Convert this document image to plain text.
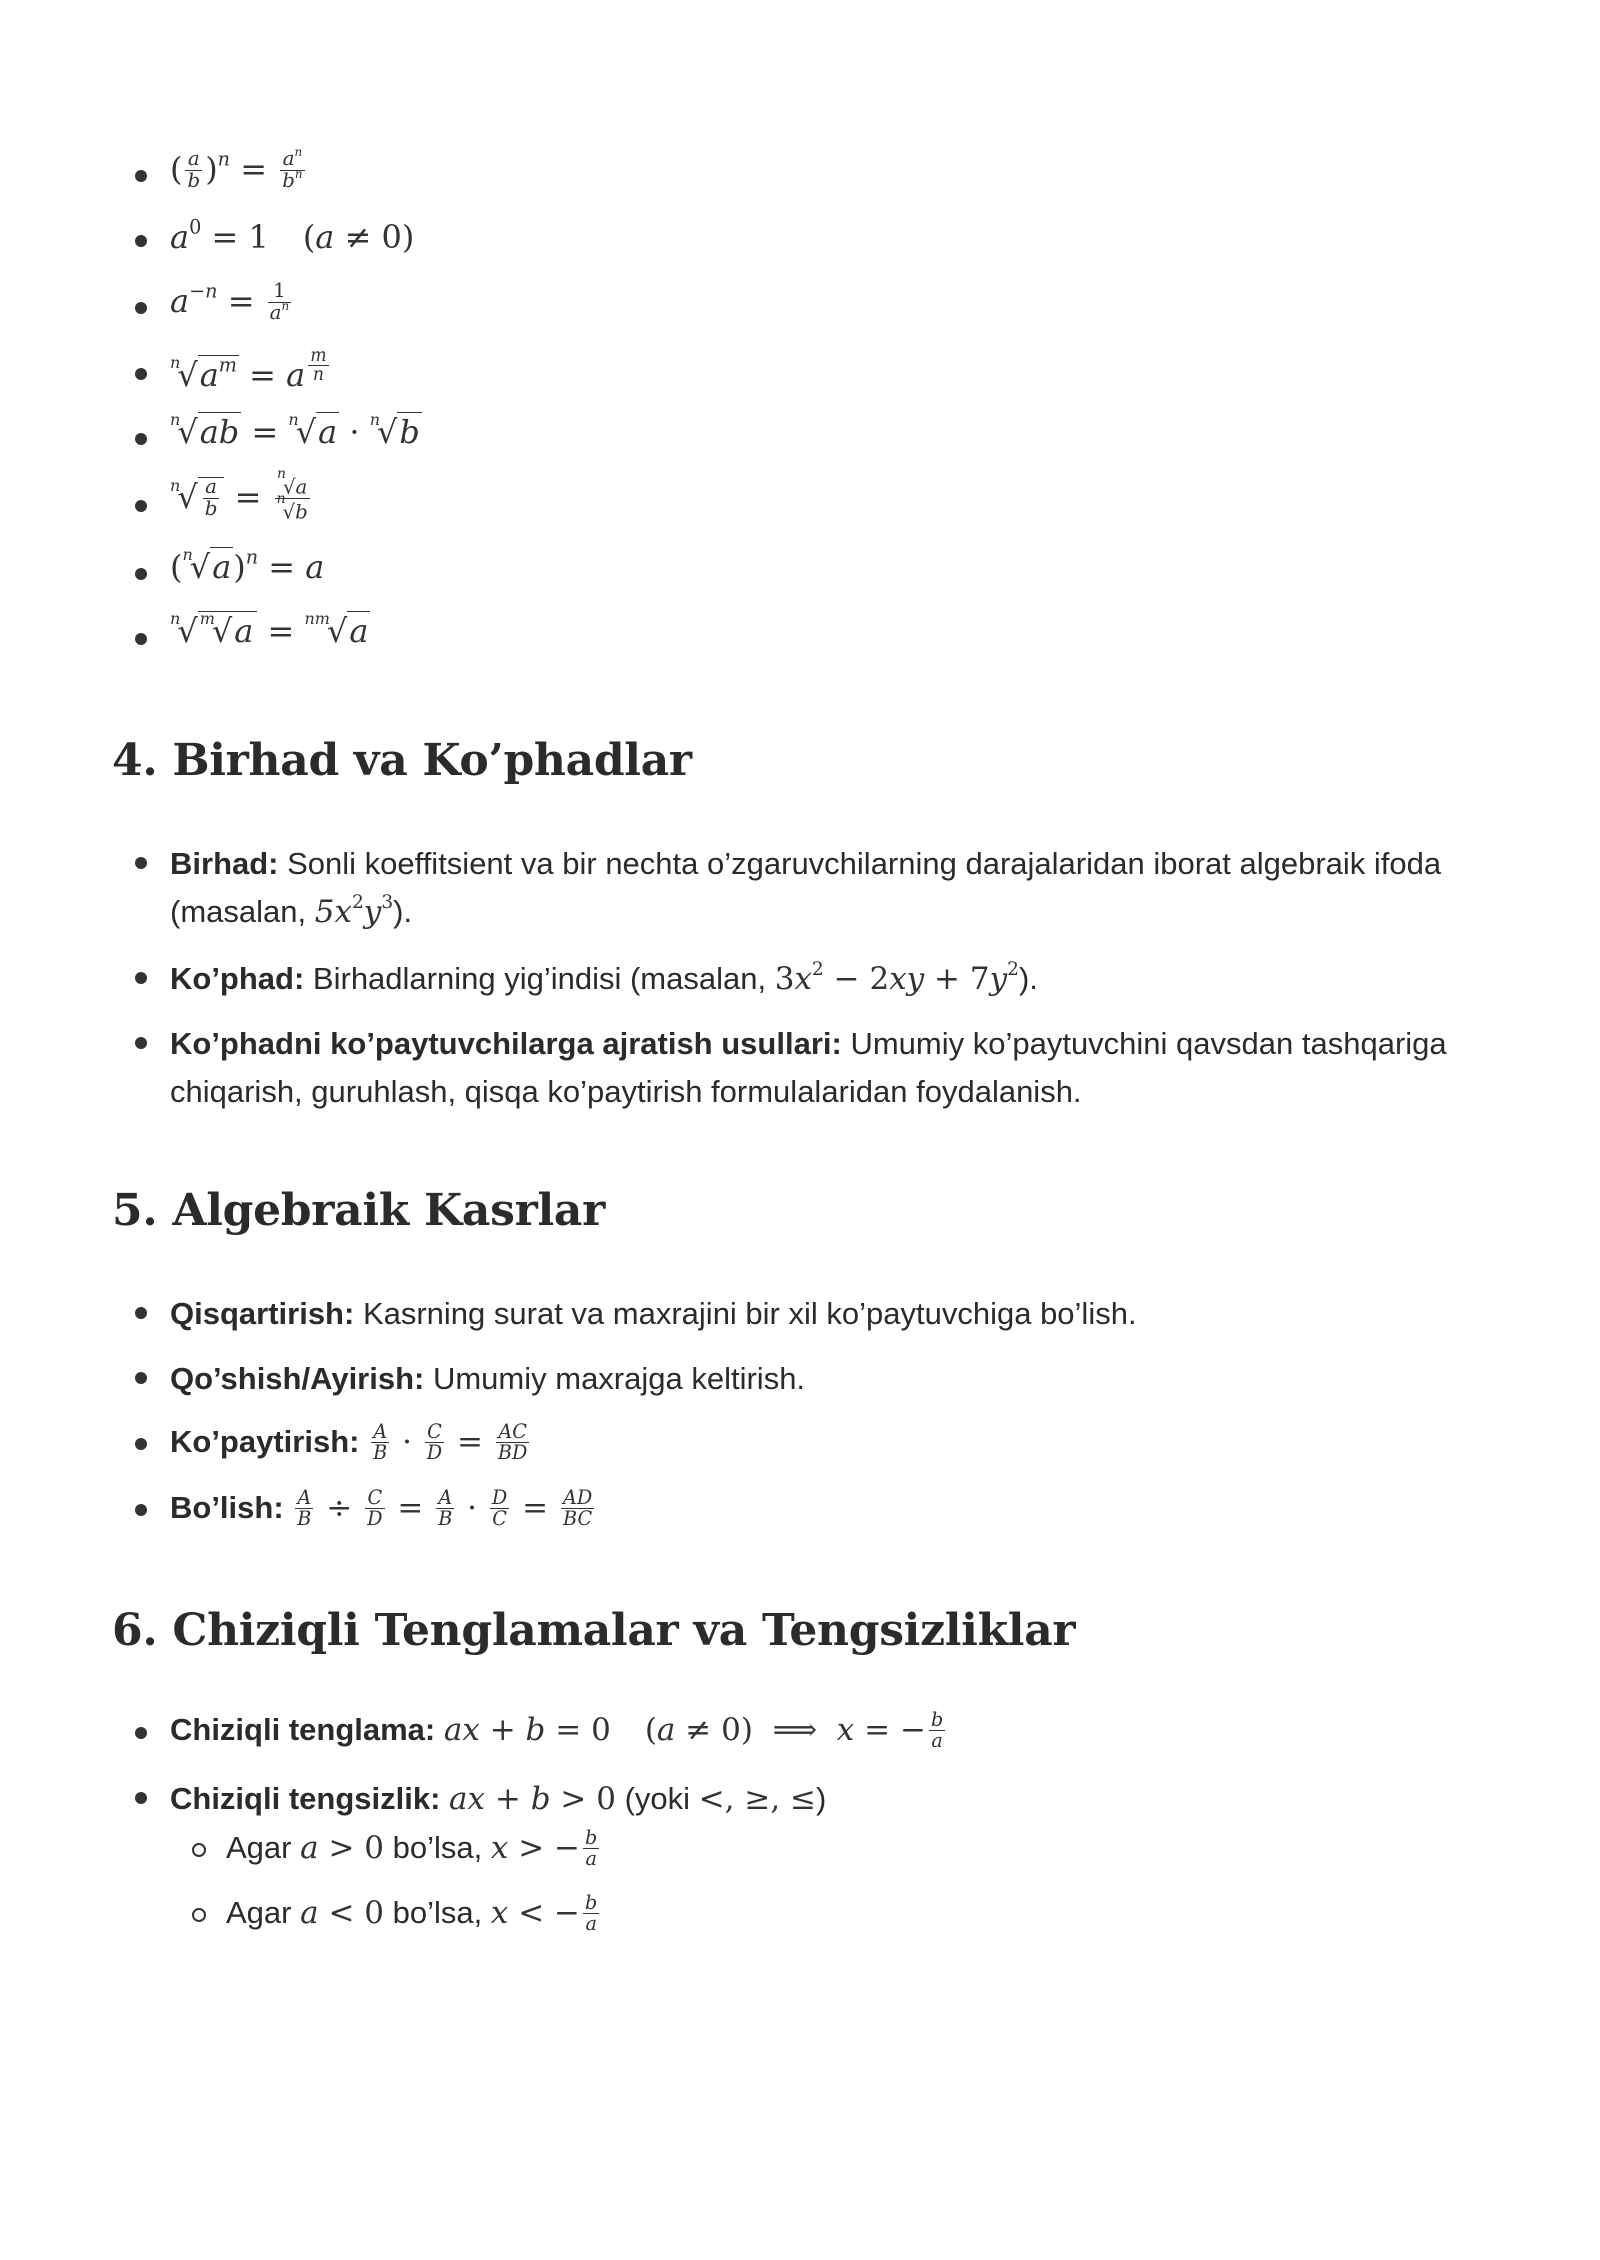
( $\frac{a}{b} )^n = \frac{a^n}{b^n}$
$a^0 = 1$ (a ≠ 0)
$a^{-n} = \frac{1}{a^n}$
$^n√a^m = a$ $^{\frac{m}{n}}$
$^n$√ab = $^n$√a · $^n$√b
$^n√ \frac{a}{b} = \frac{^n√a}{^n√b}$
$(^n√a)^n = a$
$^n$√ $^m$√a = $^{nm}$√a
4. Birhad va Ko’phadlar
Birhad: Sonli koeffitsient va bir nechta o’zgaruvchilarning darajalaridan iborat algebraik ifoda (masalan, $5x^2y^3$).
Ko’phad: Birhadlarning yig’indisi (masalan, $3x^2 - 2xy + 7y^2$).
Ko’phadni ko’paytuvchilarga ajratish usullari: Umumiy ko’paytuvchini qavsdan tashqariga chiqarish, guruhlash, qisqa ko’paytirish formulalaridan foydalanish.
5. Algebraik Kasrlar
Qisqartirish: Kasrning surat va maxrajini bir xil ko’paytuvchiga bo’lish.
Qo’shish/Ayirish: Umumiy maxrajga keltirish.
Ko’paytirish: $\frac{A}{B} \cdot \frac{C}{D} = \frac{AC}{BD}$
Bo’lish: $\frac{A}{B} \div \frac{C}{D} = \frac{A}{B} \cdot \frac{D}{C} = \frac{AD}{BC}$
6. Chiziqli Tenglamalar va Tengsizliklar
Chiziqli tenglama: ax + b = 0 (a ≠ 0)  ⟹  x = − $\frac{b}{a}$
Chiziqli tengsizlik: ax + b > 0 (yoki <, ≥, ≤)
Agar a > 0 bo’lsa, x > − $\frac{b}{a}$
Agar a < 0 bo’lsa, x < − $\frac{b}{a}$
